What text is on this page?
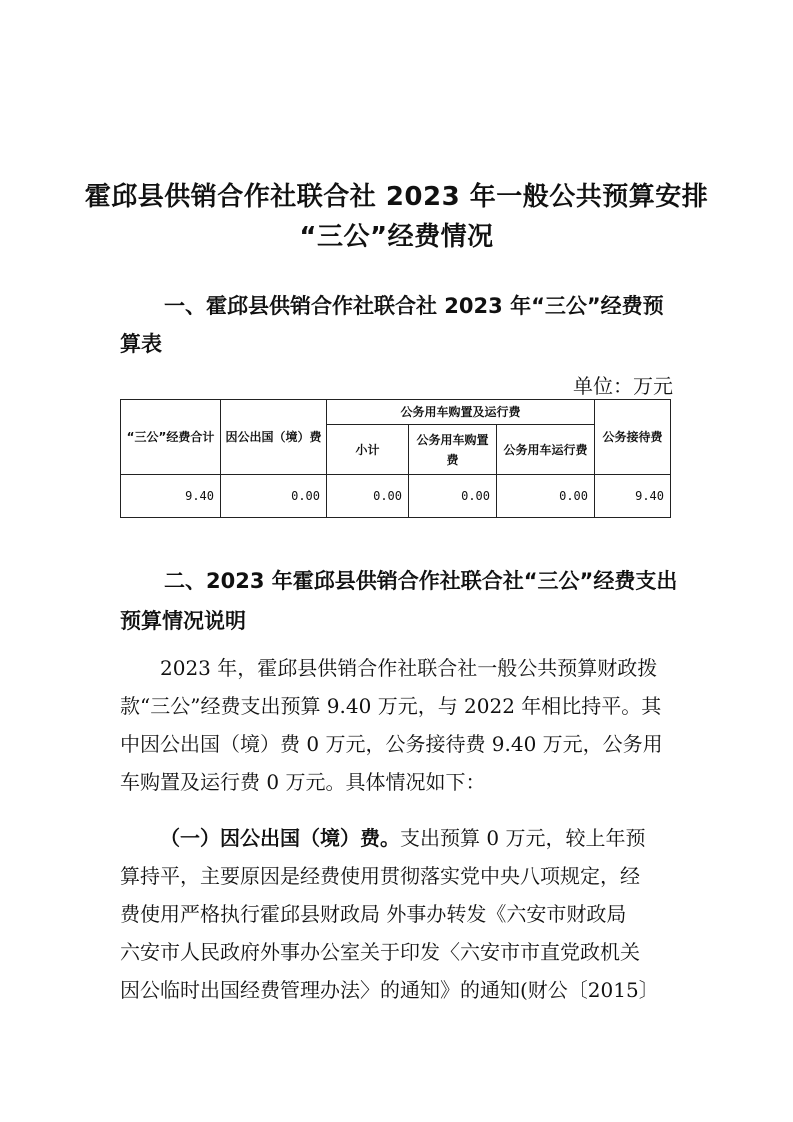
霍邱县供销合作社联合社 2023 年一般公共预算安排
“三公”经费情况
一、霍邱县供销合作社联合社 2023 年“三公”经费预
算表
单位：万元
“三公”经费合计	因公出国（境）费	公务用车购置及运行费			公务接待费
		小计	公务用车购置费	公务用车运行费	
9.40	0.00	0.00	0.00	0.00	9.40
二、2023 年霍邱县供销合作社联合社“三公”经费支出
预算情况说明
2023 年，霍邱县供销合作社联合社一般公共预算财政拨
款“三公”经费支出预算 9.40 万元，与 2022 年相比持平。其
中因公出国（境）费 0 万元，公务接待费 9.40 万元，公务用
车购置及运行费 0 万元。具体情况如下：
（一）因公出国（境）费。支出预算 0 万元，较上年预
算持平，主要原因是经费使用贯彻落实党中央八项规定，经
费使用严格执行霍邱县财政局 外事办转发《六安市财政局
六安市人民政府外事办公室关于印发〈六安市市直党政机关
因公临时出国经费管理办法〉的通知》的通知(财公〔2015〕
